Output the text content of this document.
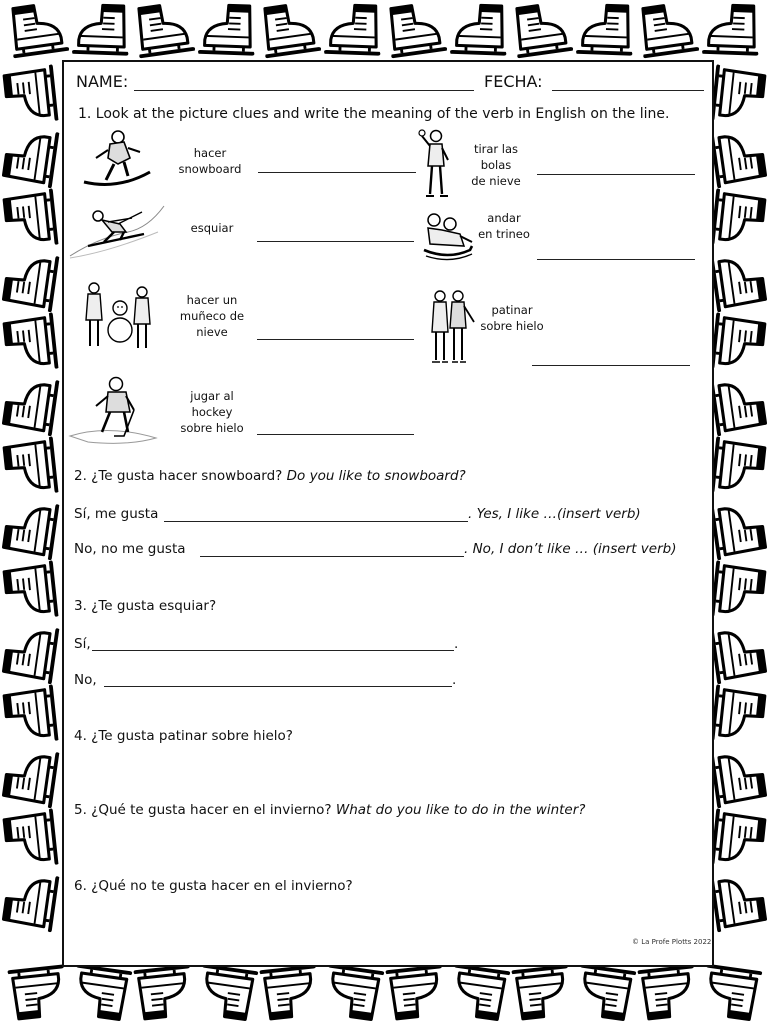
NAME:	FECHA:
1. Look at the picture clues and write the meaning of the verb in English on the line.
hacer
snowboard
tirar las
bolas
de nieve
esquiar
andar
en trineo
hacer un
muñeco de
nieve
patinar
sobre hielo
jugar al
hockey
sobre hielo
2. ¿Te gusta hacer snowboard? Do you like to snowboard?
Sí, me gusta	. Yes, I like …(insert verb)
No, no me gusta	. No, I don’t like … (insert verb)
3. ¿Te gusta esquiar?
Sí,	.
No,	.
4. ¿Te gusta patinar sobre hielo?
5. ¿Qué te gusta hacer en el invierno? What do you like to do in the winter?
6. ¿Qué no te gusta hacer en el invierno?
© La Profe Plotts 2022
